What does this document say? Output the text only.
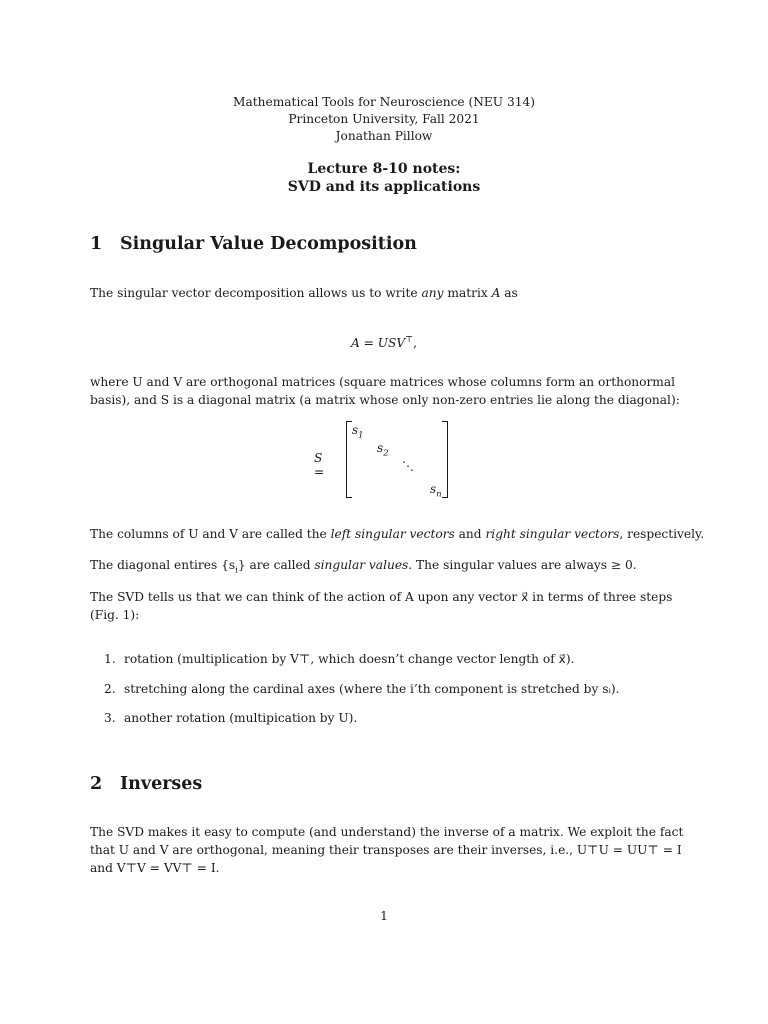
Mathematical Tools for Neuroscience (NEU 314)
Princeton University, Fall 2021
Jonathan Pillow
Lecture 8-10 notes:
SVD and its applications
1 Singular Value Decomposition
The singular vector decomposition allows us to write any matrix A as
A = USV⊤,
where U and V are orthogonal matrices (square matrices whose columns form an orthonormal
basis), and S is a diagonal matrix (a matrix whose only non-zero entries lie along the diagonal):
S =
$s_1$
$s_2$
⋱
$s_n$
The columns of U and V are called the left singular vectors and right singular vectors, respectively.
The diagonal entires $\{s_i\}$ are called singular values. The singular values are always ≥ 0.
The SVD tells us that we can think of the action of A upon any vector x⃗ in terms of three steps
(Fig. 1):
1. rotation (multiplication by V⊤, which doesn’t change vector length of x⃗).
2. stretching along the cardinal axes (where the i’th component is stretched by sᵢ).
3. another rotation (multipication by U).
2 Inverses
The SVD makes it easy to compute (and understand) the inverse of a matrix. We exploit the fact
that U and V are orthogonal, meaning their transposes are their inverses, i.e., U⊤U = UU⊤ = I
and V⊤V = VV⊤ = I.
1
